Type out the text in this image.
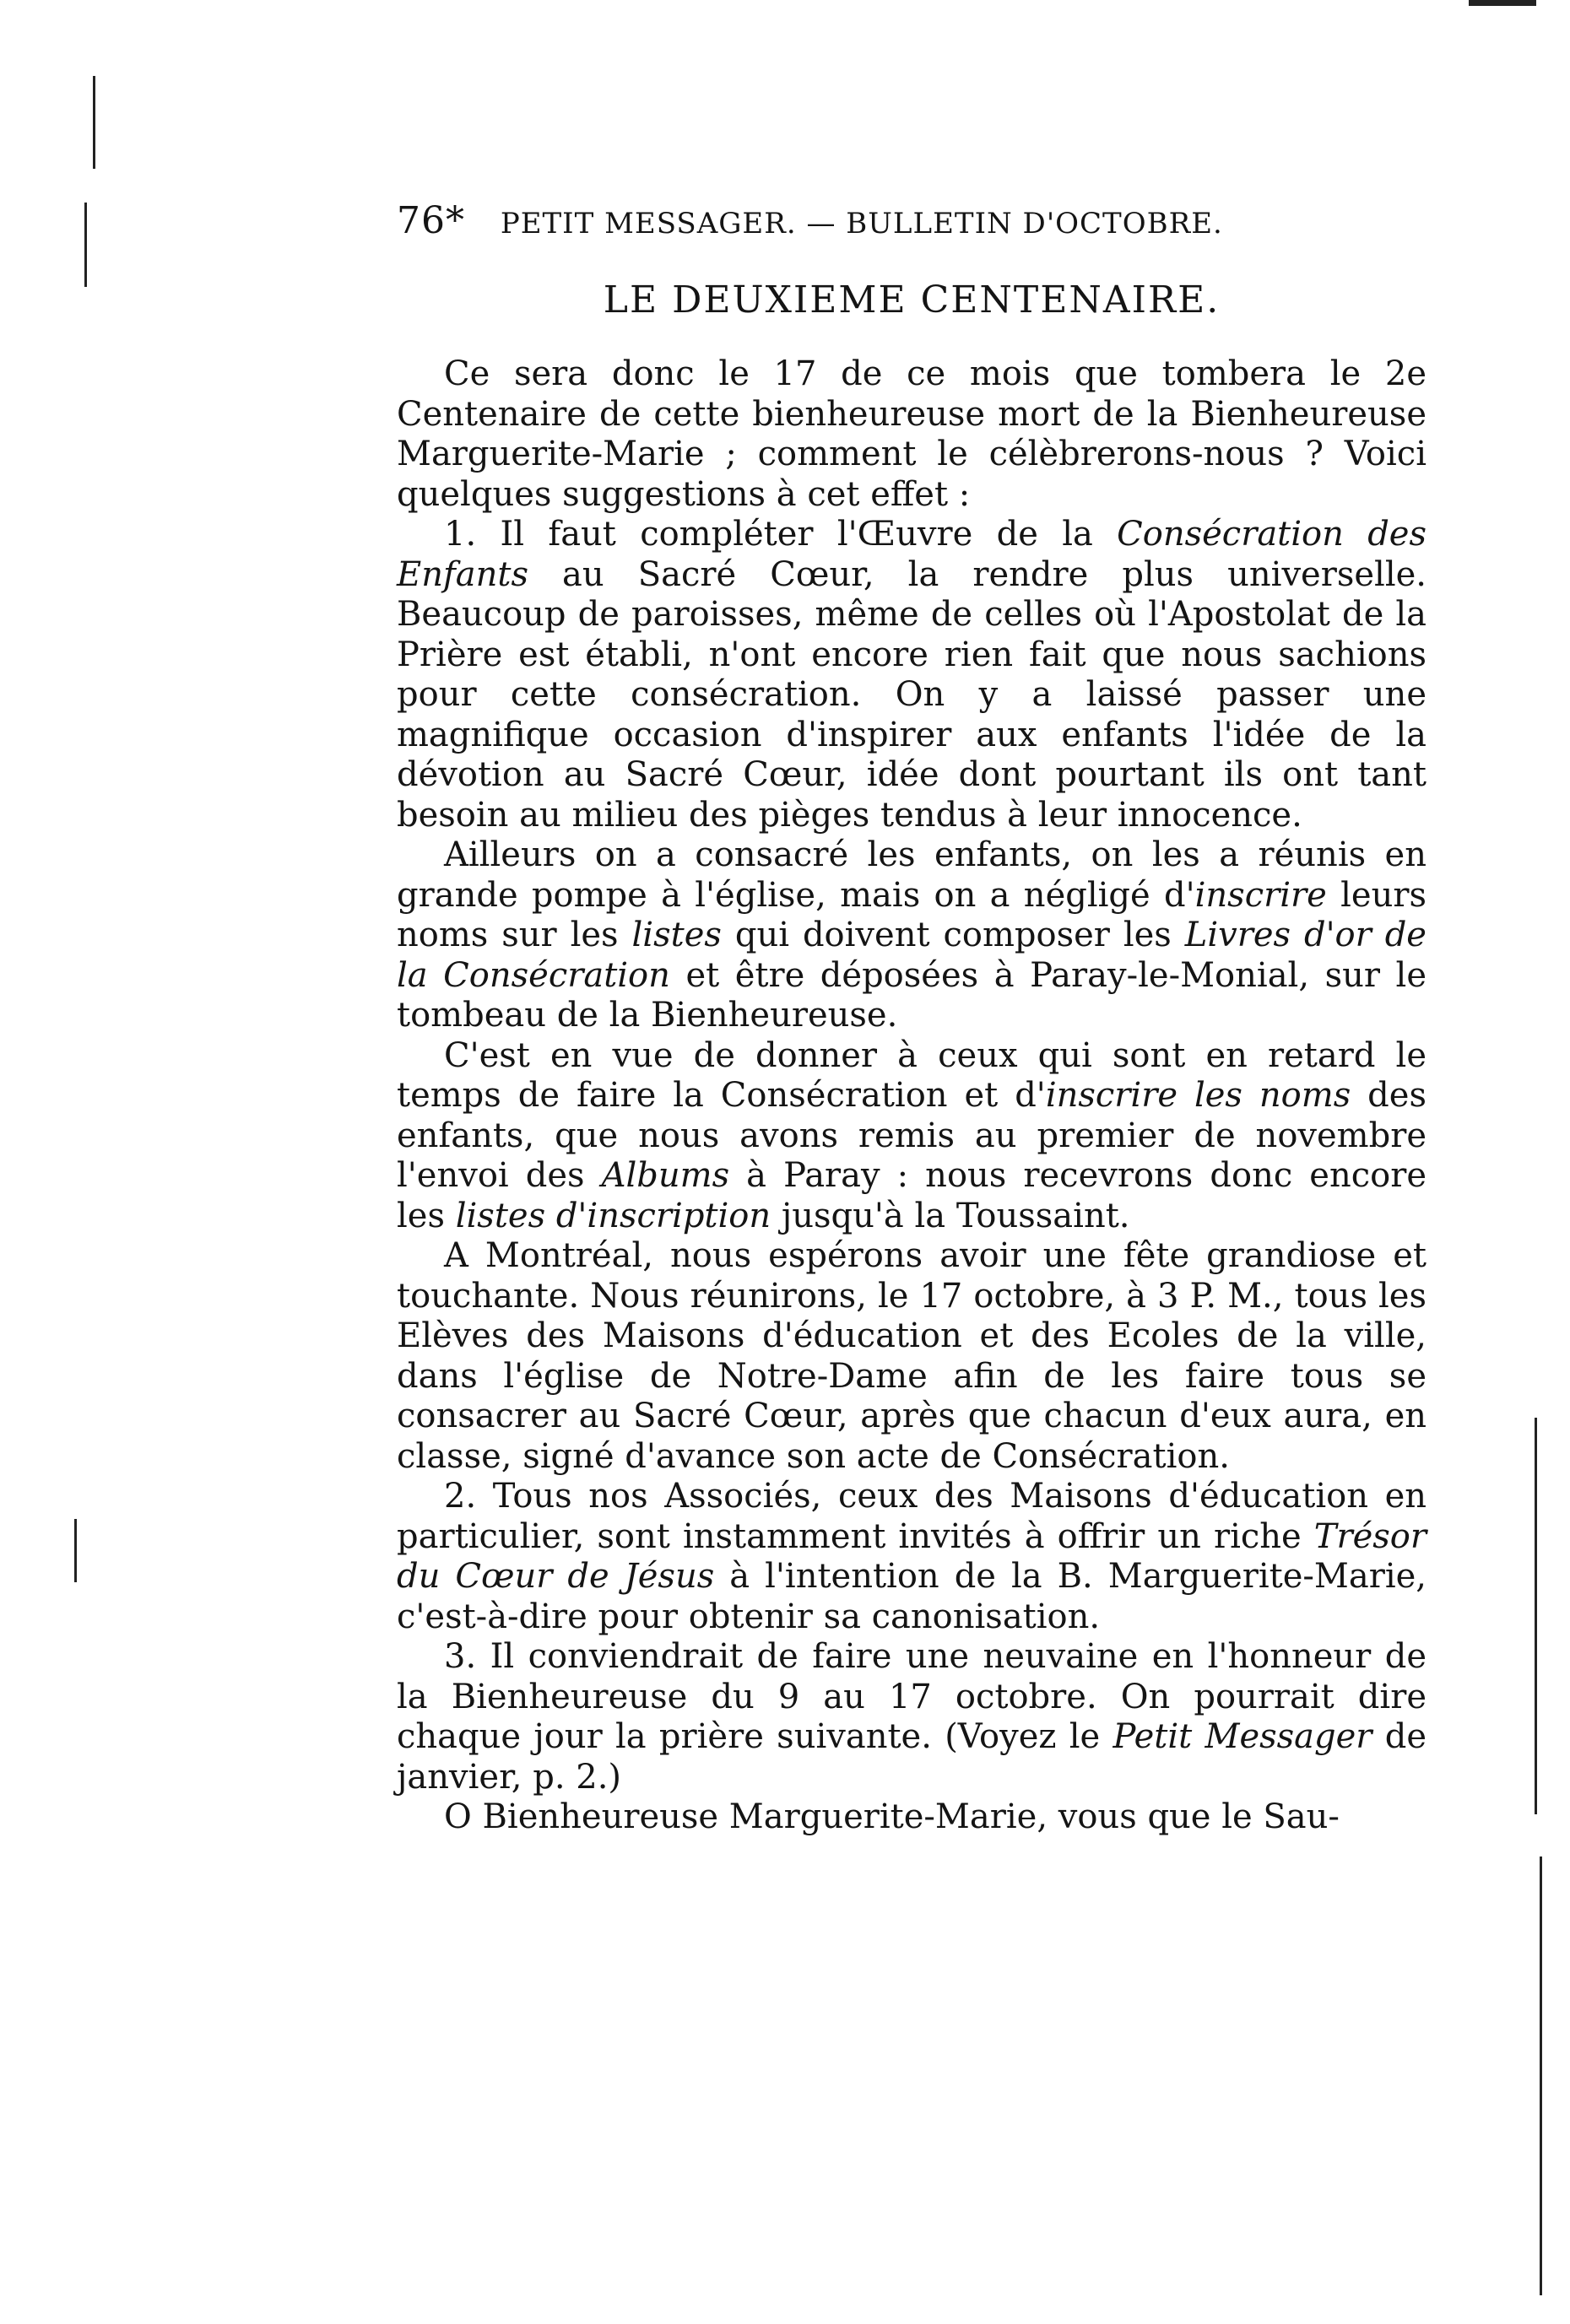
76* PETIT MESSAGER. — BULLETIN D'OCTOBRE.
LE DEUXIEME CENTENAIRE.

Ce sera donc le 17 de ce mois que tombera le 2e Centenaire de cette bienheureuse mort de la Bienheureuse Marguerite-Marie ; comment le célèbrerons-nous ? Voici quelques suggestions à cet effet :

1. Il faut compléter l'Œuvre de la Consécration des Enfants au Sacré Cœur, la rendre plus universelle. Beaucoup de paroisses, même de celles où l'Apostolat de la Prière est établi, n'ont encore rien fait que nous sachions pour cette consécration. On y a laissé passer une magnifique occasion d'inspirer aux enfants l'idée de la dévotion au Sacré Cœur, idée dont pourtant ils ont tant besoin au milieu des pièges tendus à leur innocence.

Ailleurs on a consacré les enfants, on les a réunis en grande pompe à l'église, mais on a négligé d'inscrire leurs noms sur les listes qui doivent composer les Livres d'or de la Consécration et être déposées à Paray-le-Monial, sur le tombeau de la Bienheureuse.

C'est en vue de donner à ceux qui sont en retard le temps de faire la Consécration et d'inscrire les noms des enfants, que nous avons remis au premier de novembre l'envoi des Albums à Paray : nous recevrons donc encore les listes d'inscription jusqu'à la Toussaint.

A Montréal, nous espérons avoir une fête grandiose et touchante. Nous réunirons, le 17 octobre, à 3 P. M., tous les Elèves des Maisons d'éducation et des Ecoles de la ville, dans l'église de Notre-Dame afin de les faire tous se consacrer au Sacré Cœur, après que chacun d'eux aura, en classe, signé d'avance son acte de Consécration.

2. Tous nos Associés, ceux des Maisons d'éducation en particulier, sont instamment invités à offrir un riche Trésor du Cœur de Jésus à l'intention de la B. Marguerite-Marie, c'est-à-dire pour obtenir sa canonisation.

3. Il conviendrait de faire une neuvaine en l'honneur de la Bienheureuse du 9 au 17 octobre. On pourrait dire chaque jour la prière suivante. (Voyez le Petit Messager de janvier, p. 2.)

O Bienheureuse Marguerite-Marie, vous que le Sau-
